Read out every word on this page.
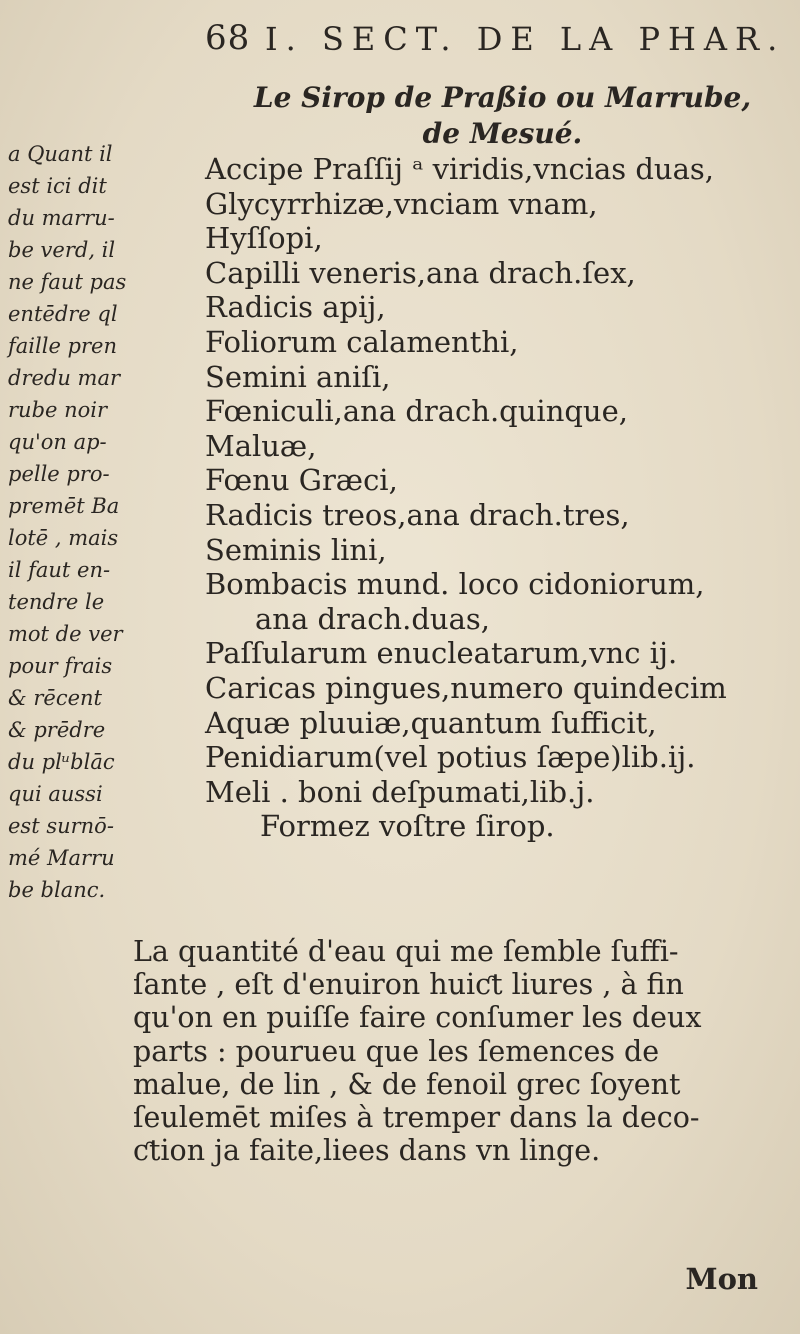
68 I. SECT. DE LA PHAR.
Le Sirop de Praßio ou Marrube,
de Mesué.
a Quant il
est ici dit
du marru-
be verd, il
ne faut pas
entēdre ql
faille pren
dredu mar
rube noir
qu'on ap-
pelle pro-
premēt Ba
lotē , mais
il faut en-
tendre le
mot de ver
pour frais
& rēcent
& prēdre
du plᵘblāc
qui aussi
est surnō-
mé Marru
be blanc.
Accipe Praſſij ᵃ viridis,vncias duas,
Glycyrrhizæ,vnciam vnam,
Hyſſopi,
Capilli veneris,ana drach.ſex,
Radicis apij,
Foliorum calamenthi,
Semini aniſi,
Fœniculi,ana drach.quinque,
Maluæ,
Fœnu Græci,
Radicis treos,ana drach.tres,
Seminis lini,
Bombacis mund. loco cidoniorum,
ana drach.duas,
Paſſularum enucleatarum,vnc ij.
Caricas pingues,numero quindecim
Aquæ pluuiæ,quantum ſufficit,
Penidiarum(vel potius ſæpe)lib.ij.
Meli . boni deſpumati,lib.j.
Formez voſtre ſirop.
La quantité d'eau qui me ſemble ſuffi-
ſante , eſt d'enuiron huiƈt liures , à fin
qu'on en puiſſe faire conſumer les deux
parts : pourueu que les ſemences de
malue, de lin , & de fenoil grec ſoyent
ſeulemēt miſes à tremper dans la deco-
ƈtion ja faite,liees dans vn linge.
Mon
